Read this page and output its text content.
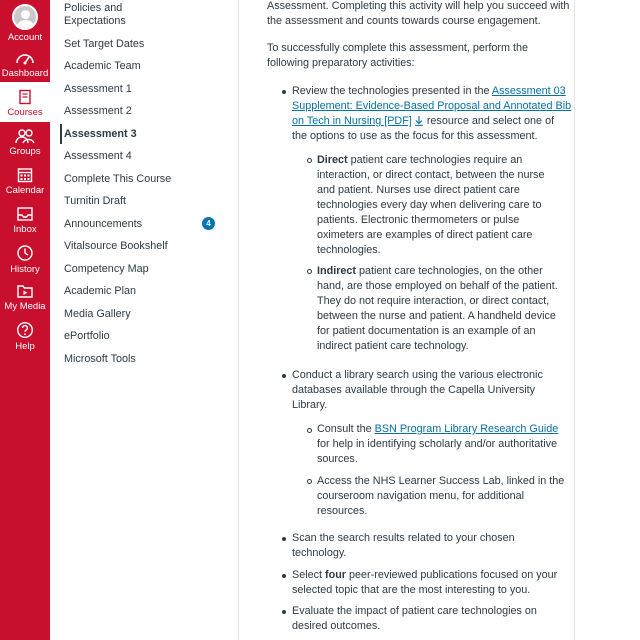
Account
Dashboard
Courses
Groups
Calendar
Inbox
History
My Media
Help
Policies and
Expectations
Set Target Dates
Academic Team
Assessment 1
Assessment 2
Assessment 3
Assessment 4
Complete This Course
Turnitin Draft
Announcements	4
Vitalsource Bookshelf
Competency Map
Academic Plan
Media Gallery
ePortfolio
Microsoft Tools
Assessment. Completing this activity will help you succeed with
the assessment and counts towards course engagement.
To successfully complete this assessment, perform the
following preparatory activities:
Review the technologies presented in the Assessment 03
Supplement: Evidence-Based Proposal and Annotated Bib
on Tech in Nursing [PDF] resource and select one of
the options to use as the focus for this assessment.
Direct patient care technologies require an
interaction, or direct contact, between the nurse
and patient. Nurses use direct patient care
technologies every day when delivering care to
patients. Electronic thermometers or pulse
oximeters are examples of direct patient care
technologies.
Indirect patient care technologies, on the other
hand, are those employed on behalf of the patient.
They do not require interaction, or direct contact,
between the nurse and patient. A handheld device
for patient documentation is an example of an
indirect patient care technology.
Conduct a library search using the various electronic
databases available through the Capella University
Library.
Consult the BSN Program Library Research Guide
for help in identifying scholarly and/or authoritative
sources.
Access the NHS Learner Success Lab, linked in the
courseroom navigation menu, for additional
resources.
Scan the search results related to your chosen
technology.
Select four peer-reviewed publications focused on your
selected topic that are the most interesting to you.
Evaluate the impact of patient care technologies on
desired outcomes.
